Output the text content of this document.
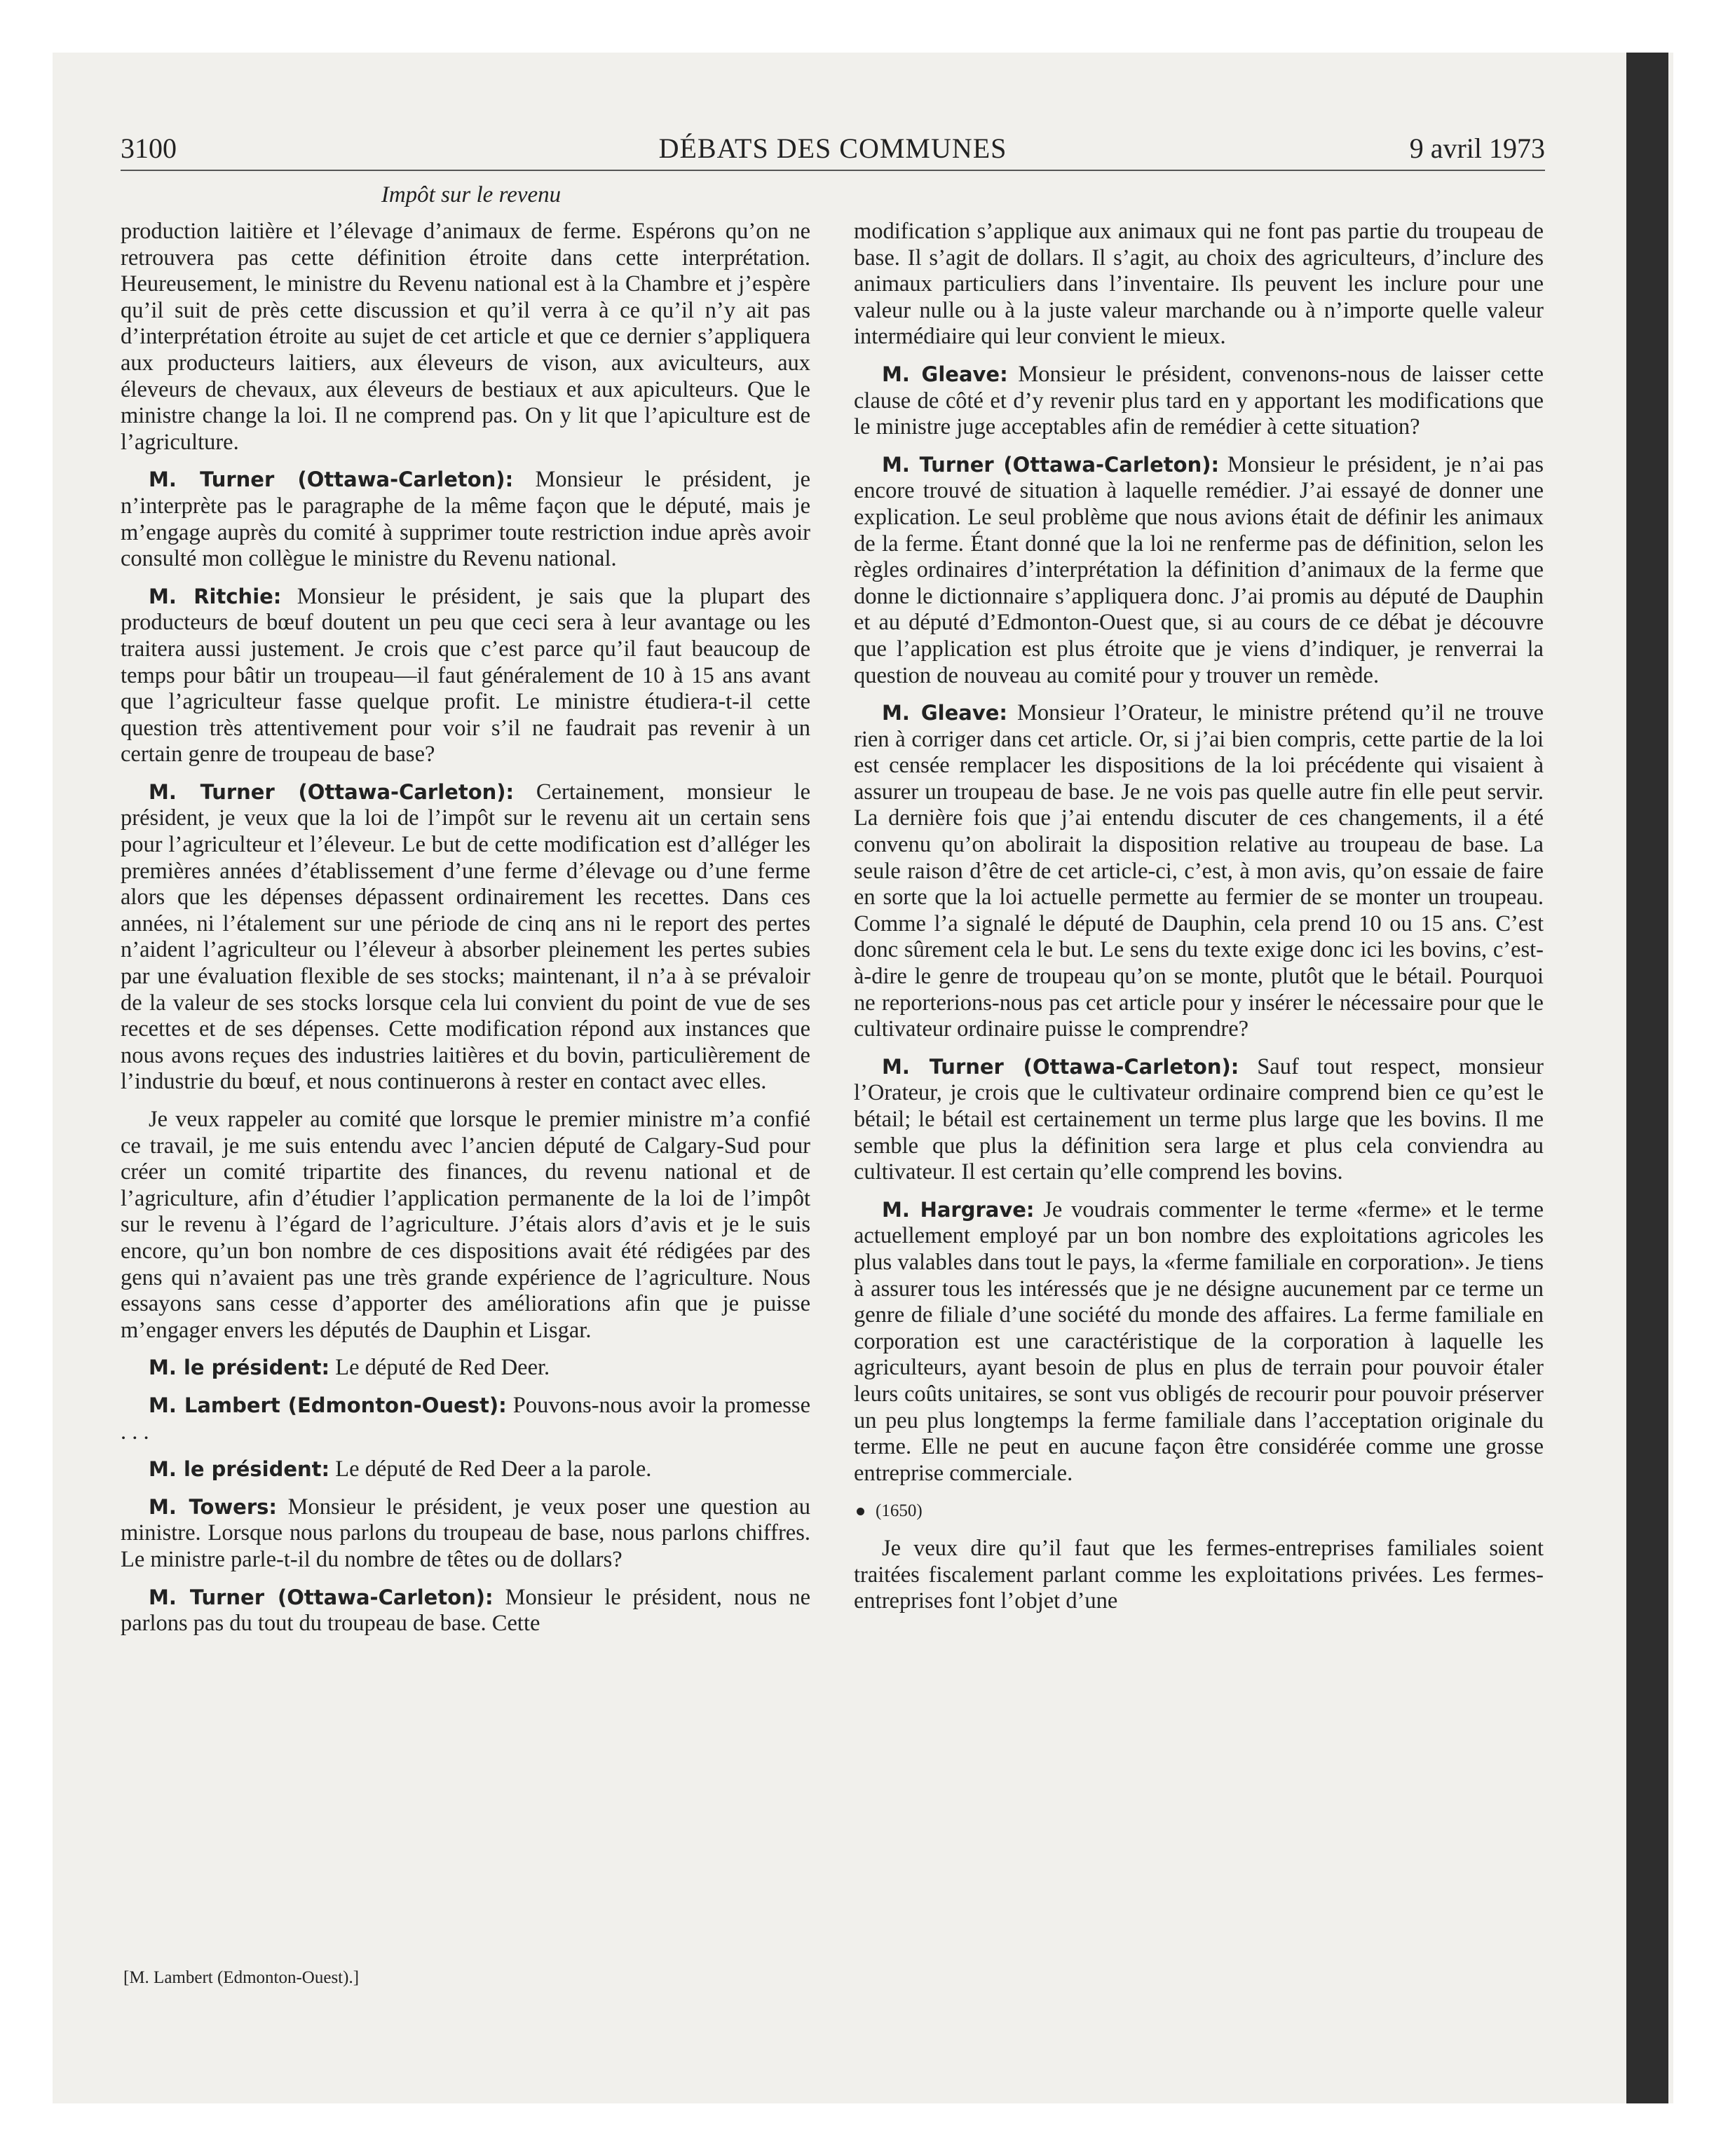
3100	DÉBATS DES COMMUNES	9 avril 1973
Impôt sur le revenu

production laitière et l’élevage d’animaux de ferme. Espérons qu’on ne retrouvera pas cette définition étroite dans cette interprétation. Heureusement, le ministre du Revenu national est à la Chambre et j’espère qu’il suit de près cette discussion et qu’il verra à ce qu’il n’y ait pas d’interprétation étroite au sujet de cet article et que ce dernier s’appliquera aux producteurs laitiers, aux éleveurs de vison, aux aviculteurs, aux éleveurs de chevaux, aux éleveurs de bestiaux et aux apiculteurs. Que le ministre change la loi. Il ne comprend pas. On y lit que l’apiculture est de l’agriculture.

M. Turner (Ottawa-Carleton): Monsieur le président, je n’interprète pas le paragraphe de la même façon que le député, mais je m’engage auprès du comité à supprimer toute restriction indue après avoir consulté mon collègue le ministre du Revenu national.

M. Ritchie: Monsieur le président, je sais que la plupart des producteurs de bœuf doutent un peu que ceci sera à leur avantage ou les traitera aussi justement. Je crois que c’est parce qu’il faut beaucoup de temps pour bâtir un troupeau—il faut généralement de 10 à 15 ans avant que l’agriculteur fasse quelque profit. Le ministre étudiera-t-il cette question très attentivement pour voir s’il ne faudrait pas revenir à un certain genre de troupeau de base?

M. Turner (Ottawa-Carleton): Certainement, monsieur le président, je veux que la loi de l’impôt sur le revenu ait un certain sens pour l’agriculteur et l’éleveur. Le but de cette modification est d’alléger les premières années d’établissement d’une ferme d’élevage ou d’une ferme alors que les dépenses dépassent ordinairement les recettes. Dans ces années, ni l’étalement sur une période de cinq ans ni le report des pertes n’aident l’agriculteur ou l’éleveur à absorber pleinement les pertes subies par une évaluation flexible de ses stocks; maintenant, il n’a à se prévaloir de la valeur de ses stocks lorsque cela lui convient du point de vue de ses recettes et de ses dépenses. Cette modification répond aux instances que nous avons reçues des industries laitières et du bovin, particulièrement de l’industrie du bœuf, et nous continuerons à rester en contact avec elles.

Je veux rappeler au comité que lorsque le premier ministre m’a confié ce travail, je me suis entendu avec l’ancien député de Calgary-Sud pour créer un comité tripartite des finances, du revenu national et de l’agriculture, afin d’étudier l’application permanente de la loi de l’impôt sur le revenu à l’égard de l’agriculture. J’étais alors d’avis et je le suis encore, qu’un bon nombre de ces dispositions avait été rédigées par des gens qui n’avaient pas une très grande expérience de l’agriculture. Nous essayons sans cesse d’apporter des améliorations afin que je puisse m’engager envers les députés de Dauphin et Lisgar.

M. le président: Le député de Red Deer.

M. Lambert (Edmonton-Ouest): Pouvons-nous avoir la promesse . . .

M. le président: Le député de Red Deer a la parole.

M. Towers: Monsieur le président, je veux poser une question au ministre. Lorsque nous parlons du troupeau de base, nous parlons chiffres. Le ministre parle-t-il du nombre de têtes ou de dollars?

M. Turner (Ottawa-Carleton): Monsieur le président, nous ne parlons pas du tout du troupeau de base. Cette

[M. Lambert (Edmonton-Ouest).]

modification s’applique aux animaux qui ne font pas partie du troupeau de base. Il s’agit de dollars. Il s’agit, au choix des agriculteurs, d’inclure des animaux particuliers dans l’inventaire. Ils peuvent les inclure pour une valeur nulle ou à la juste valeur marchande ou à n’importe quelle valeur intermédiaire qui leur convient le mieux.

M. Gleave: Monsieur le président, convenons-nous de laisser cette clause de côté et d’y revenir plus tard en y apportant les modifications que le ministre juge acceptables afin de remédier à cette situation?

M. Turner (Ottawa-Carleton): Monsieur le président, je n’ai pas encore trouvé de situation à laquelle remédier. J’ai essayé de donner une explication. Le seul problème que nous avions était de définir les animaux de la ferme. Étant donné que la loi ne renferme pas de définition, selon les règles ordinaires d’interprétation la définition d’animaux de la ferme que donne le dictionnaire s’appliquera donc. J’ai promis au député de Dauphin et au député d’Edmonton-Ouest que, si au cours de ce débat je découvre que l’application est plus étroite que je viens d’indiquer, je renverrai la question de nouveau au comité pour y trouver un remède.

M. Gleave: Monsieur l’Orateur, le ministre prétend qu’il ne trouve rien à corriger dans cet article. Or, si j’ai bien compris, cette partie de la loi est censée remplacer les dispositions de la loi précédente qui visaient à assurer un troupeau de base. Je ne vois pas quelle autre fin elle peut servir. La dernière fois que j’ai entendu discuter de ces changements, il a été convenu qu’on abolirait la disposition relative au troupeau de base. La seule raison d’être de cet article-ci, c’est, à mon avis, qu’on essaie de faire en sorte que la loi actuelle permette au fermier de se monter un troupeau. Comme l’a signalé le député de Dauphin, cela prend 10 ou 15 ans. C’est donc sûrement cela le but. Le sens du texte exige donc ici les bovins, c’est-à-dire le genre de troupeau qu’on se monte, plutôt que le bétail. Pourquoi ne reporterions-nous pas cet article pour y insérer le nécessaire pour que le cultivateur ordinaire puisse le comprendre?

M. Turner (Ottawa-Carleton): Sauf tout respect, monsieur l’Orateur, je crois que le cultivateur ordinaire comprend bien ce qu’est le bétail; le bétail est certainement un terme plus large que les bovins. Il me semble que plus la définition sera large et plus cela conviendra au cultivateur. Il est certain qu’elle comprend les bovins.

M. Hargrave: Je voudrais commenter le terme «ferme» et le terme actuellement employé par un bon nombre des exploitations agricoles les plus valables dans tout le pays, la «ferme familiale en corporation». Je tiens à assurer tous les intéressés que je ne désigne aucunement par ce terme un genre de filiale d’une société du monde des affaires. La ferme familiale en corporation est une caractéristique de la corporation à laquelle les agriculteurs, ayant besoin de plus en plus de terrain pour pouvoir étaler leurs coûts unitaires, se sont vus obligés de recourir pour pouvoir préserver un peu plus longtemps la ferme familiale dans l’acceptation originale du terme. Elle ne peut en aucune façon être considérée comme une grosse entreprise commerciale.

(1650)

Je veux dire qu’il faut que les fermes-entreprises familiales soient traitées fiscalement parlant comme les exploitations privées. Les fermes-entreprises font l’objet d’une
